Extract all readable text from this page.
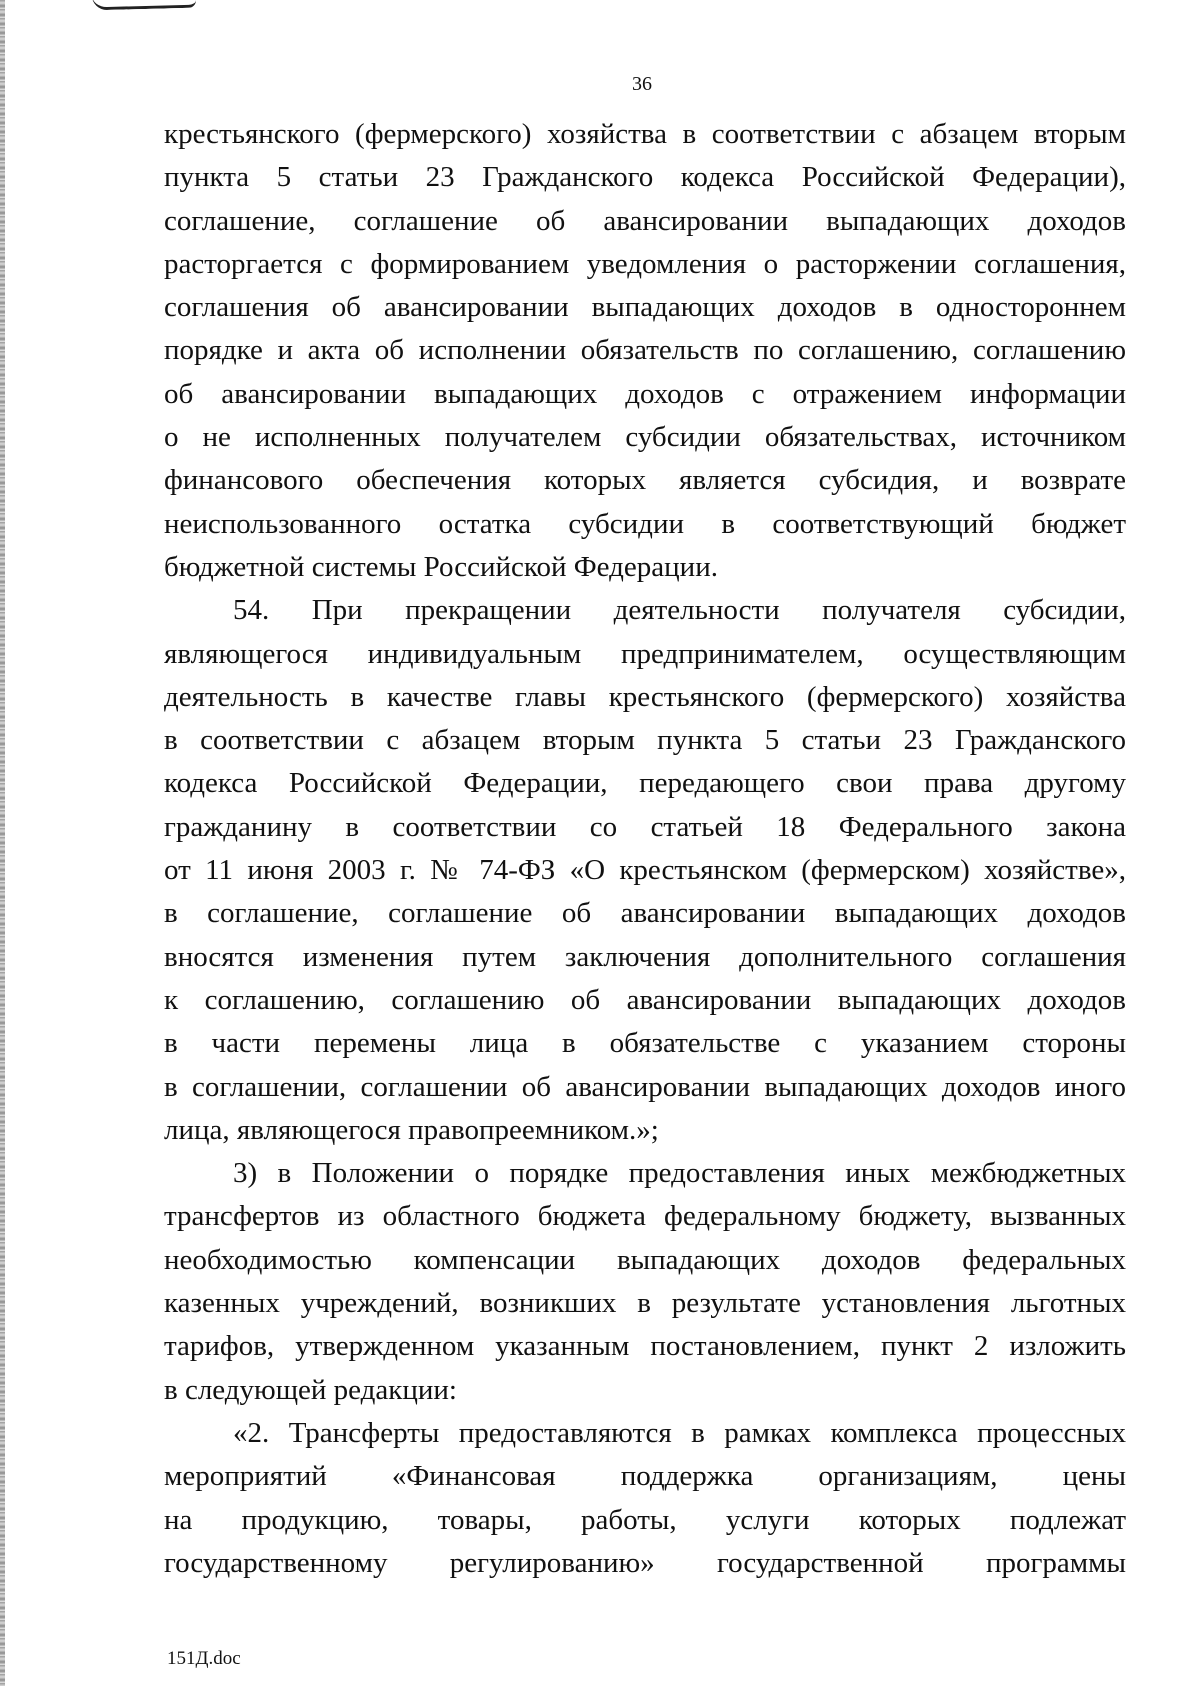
36
крестьянского (фермерского) хозяйства в соответствии с абзацем вторым
пункта 5 статьи 23 Гражданского кодекса Российской Федерации),
соглашение, соглашение об авансировании выпадающих доходов
расторгается с формированием уведомления о расторжении соглашения,
соглашения об авансировании выпадающих доходов в одностороннем
порядке и акта об исполнении обязательств по соглашению, соглашению
об авансировании выпадающих доходов с отражением информации
о не исполненных получателем субсидии обязательствах, источником
финансового обеспечения которых является субсидия, и возврате
неиспользованного остатка субсидии в соответствующий бюджет
бюджетной системы Российской Федерации.
54. При прекращении деятельности получателя субсидии,
являющегося индивидуальным предпринимателем, осуществляющим
деятельность в качестве главы крестьянского (фермерского) хозяйства
в соответствии с абзацем вторым пункта 5 статьи 23 Гражданского
кодекса Российской Федерации, передающего свои права другому
гражданину в соответствии со статьей 18 Федерального закона
от 11 июня 2003 г. № 74-ФЗ «О крестьянском (фермерском) хозяйстве»,
в соглашение, соглашение об авансировании выпадающих доходов
вносятся изменения путем заключения дополнительного соглашения
к соглашению, соглашению об авансировании выпадающих доходов
в части перемены лица в обязательстве с указанием стороны
в соглашении, соглашении об авансировании выпадающих доходов иного
лица, являющегося правопреемником.»;
3) в Положении о порядке предоставления иных межбюджетных
трансфертов из областного бюджета федеральному бюджету, вызванных
необходимостью компенсации выпадающих доходов федеральных
казенных учреждений, возникших в результате установления льготных
тарифов, утвержденном указанным постановлением, пункт 2 изложить
в следующей редакции:
«2. Трансферты предоставляются в рамках комплекса процессных
мероприятий «Финансовая поддержка организациям, цены
на продукцию, товары, работы, услуги которых подлежат
государственному регулированию» государственной программы
151Д.doc
